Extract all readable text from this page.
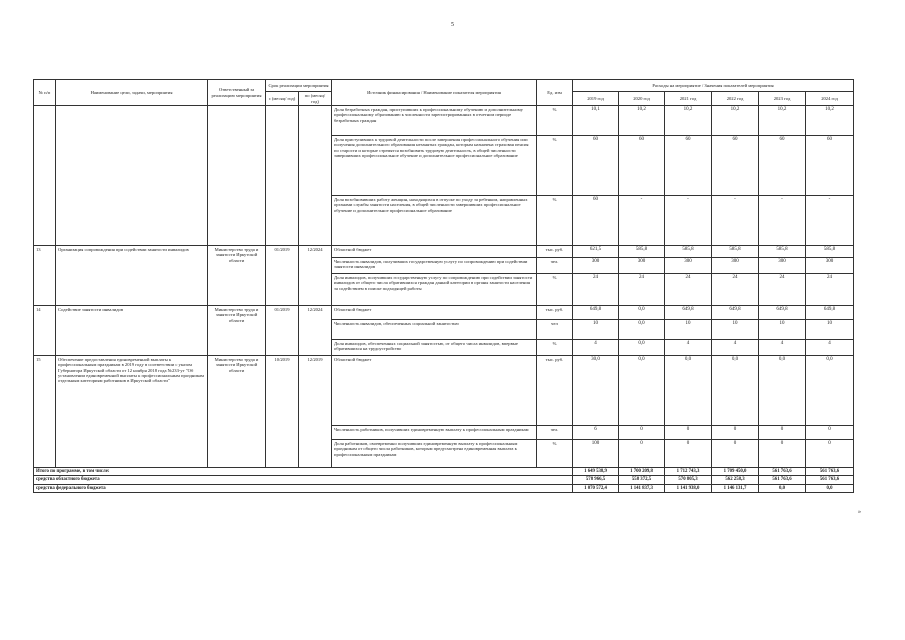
5
№ п/п	Наименование цели, задачи, мероприятия	Ответственный за реализацию мероприятия	Срок реализации мероприятия		Источник финансирования / Наименование показателя мероприятия	Ед. изм	Расходы на мероприятие / Значения показателей мероприятия					
			с (месяц/ год)	по (месяц/ год)			2019 год	2020 год	2021 год	2022 год	2023 год	2024 год
					Доля безработных граждан, приступивших к профессиональному обучению и дополнительному профессиональному образованию к численности зарегистрированных в отчетном периоде безработных граждан	%	10,1	10,2	10,2	10,2	10,2	10,2
					Доля приступивших к трудовой деятельности после завершения профессионального обучения или получения дополнительного образования незанятых граждан, которым назначена страховая пенсия по старости и которые стремятся возобновить трудовую деятельность, в общей численности завершивших профессиональное обучение и дополнительное профессиональное образование	%	60	60	60	60	60	60
					Доля возобновивших работу женщин, находящихся в отпуске по уходу за ребенком, направленных органами службы занятости населения, в общей численности завершивших профессиональное обучение и дополнительное профессиональное образование	%	60	-	-	-	-	-
13	Организация сопровождения при содействии занятости инвалидов	Министерство труда и занятости Иркутской области	01/2019	12/2024	Областной бюджет	тыс. руб.	621,5	585,8	585,8	585,8	585,8	585,8
					Численность инвалидов, получивших государственную услугу по сопровождению при содействии занятости инвалидов	чел.	300	300	300	300	300	300
					Доля инвалидов, получивших государственную услугу по сопровождению при содействии занятости инвалидов от общего числа обратившихся граждан данной категории в органы занятости населения за содействием в поиске подходящей работы	%	24	24	24	24	24	24
14	Содействие занятости инвалидов	Министерство труда и занятости Иркутской области	01/2019	12/2024	Областной бюджет	тыс. руб.	649,8	0,0	649,8	649,8	649,8	649,8
					Численность инвалидов, обеспеченных социальной занятостью	чел	10	0,0	10	10	10	10
					Доля инвалидов, обеспеченных социальной занятостью, от общего числа инвалидов, впервые обратившихся на трудоустройство	%	4	0,0	4	4	4	4
15	Обеспечение предоставления единовременной выплаты к профессиональным праздникам в 2019 году в соответствии с указом Губернатора Иркутской области от 12 ноября 2018 года №233-уг "Об установлении единовременной выплаты к профессиональным праздникам отдельным категориям работников в Иркутской области"	Министерство труда и занятости Иркутской области	10/2019	12/2019	Областной бюджет	тыс. руб.	30,0	0,0	0,0	0,0	0,0	0,0
					Численность работников, получивших единовременную выплату к профессиональным праздникам	чел.	6	0	0	0	0	0
					Доля работников, своевременно получивших единовременную выплату к профессиональным праздникам от общего числа работников, которым предусмотрена единовременная выплата к профессиональным праздникам	%	100	0	0	0	0	0
Итого по программе, в том числе:							1 649 538,9	1 700 209,8	1 712 743,3	1 709 450,0	561 763,6	561 763,6
средства областного бюджета							578 966,5	558 372,5	570 805,3	562 258,3	561 763,6	561 763,6
средства федерального бюджета							1 070 572,4	1 141 837,3	1 141 938,0	1 146 131,7	0,0	0,0
»
